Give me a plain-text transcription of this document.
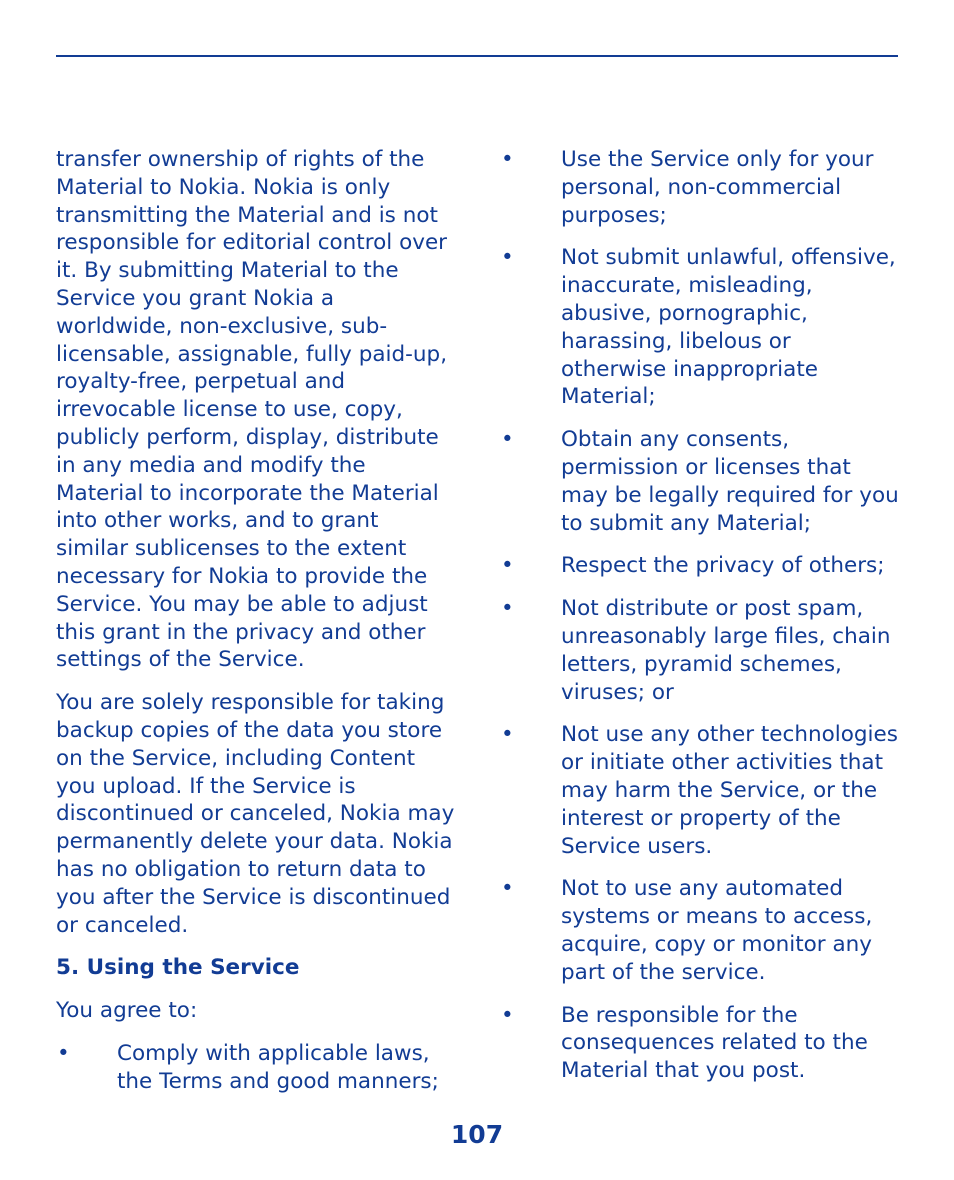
transfer ownership of rights of the Material to Nokia. Nokia is only transmitting the Material and is not responsible for editorial control over it. By submitting Material to the Service you grant Nokia a worldwide, non-exclusive, sub-licensable, assignable, fully paid-up, royalty-free, perpetual and irrevocable license to use, copy, publicly perform, display, distribute in any media and modify the Material to incorporate the Material into other works, and to grant similar sublicenses to the extent necessary for Nokia to provide the Service. You may be able to adjust this grant in the privacy and other settings of the Service.

You are solely responsible for taking backup copies of the data you store on the Service, including Content you upload. If the Service is discontinued or canceled, Nokia may permanently delete your data. Nokia has no obligation to return data to you after the Service is discontinued or canceled.

5. Using the Service

You agree to:

•	Comply with applicable laws, the Terms and good manners;
•	Use the Service only for your personal, non-commercial purposes;
•	Not submit unlawful, offensive, inaccurate, misleading, abusive, pornographic, harassing, libelous or otherwise inappropriate Material;
•	Obtain any consents, permission or licenses that may be legally required for you to submit any Material;
•	Respect the privacy of others;
•	Not distribute or post spam, unreasonably large files, chain letters, pyramid schemes, viruses; or
•	Not use any other technologies or initiate other activities that may harm the Service, or the interest or property of the Service users.
•	Not to use any automated systems or means to access, acquire, copy or monitor any part of the service.
•	Be responsible for the consequences related to the Material that you post.
107
